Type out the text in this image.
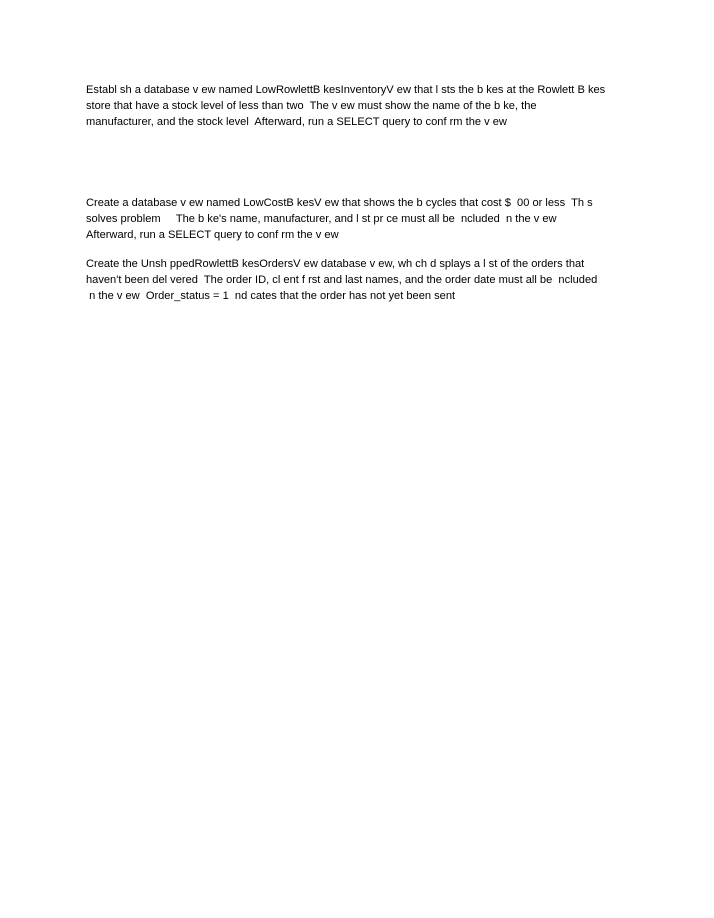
Establ sh a database v ew named LowRowlettB kesInventoryV ew that l sts the b kes at the Rowlett B kes
store that have a stock level of less than two  The v ew must show the name of the b ke, the
manufacturer, and the stock level  Afterward, run a SELECT query to conf rm the v ew
Create a database v ew named LowCostB kesV ew that shows the b cycles that cost $  00 or less  Th s
solves problem     The b ke's name, manufacturer, and l st pr ce must all be  ncluded  n the v ew
Afterward, run a SELECT query to conf rm the v ew
Create the Unsh ppedRowlettB kesOrdersV ew database v ew, wh ch d splays a l st of the orders that
haven't been del vered  The order ID, cl ent f rst and last names, and the order date must all be  ncluded
n the v ew  Order_status = 1  nd cates that the order has not yet been sent
